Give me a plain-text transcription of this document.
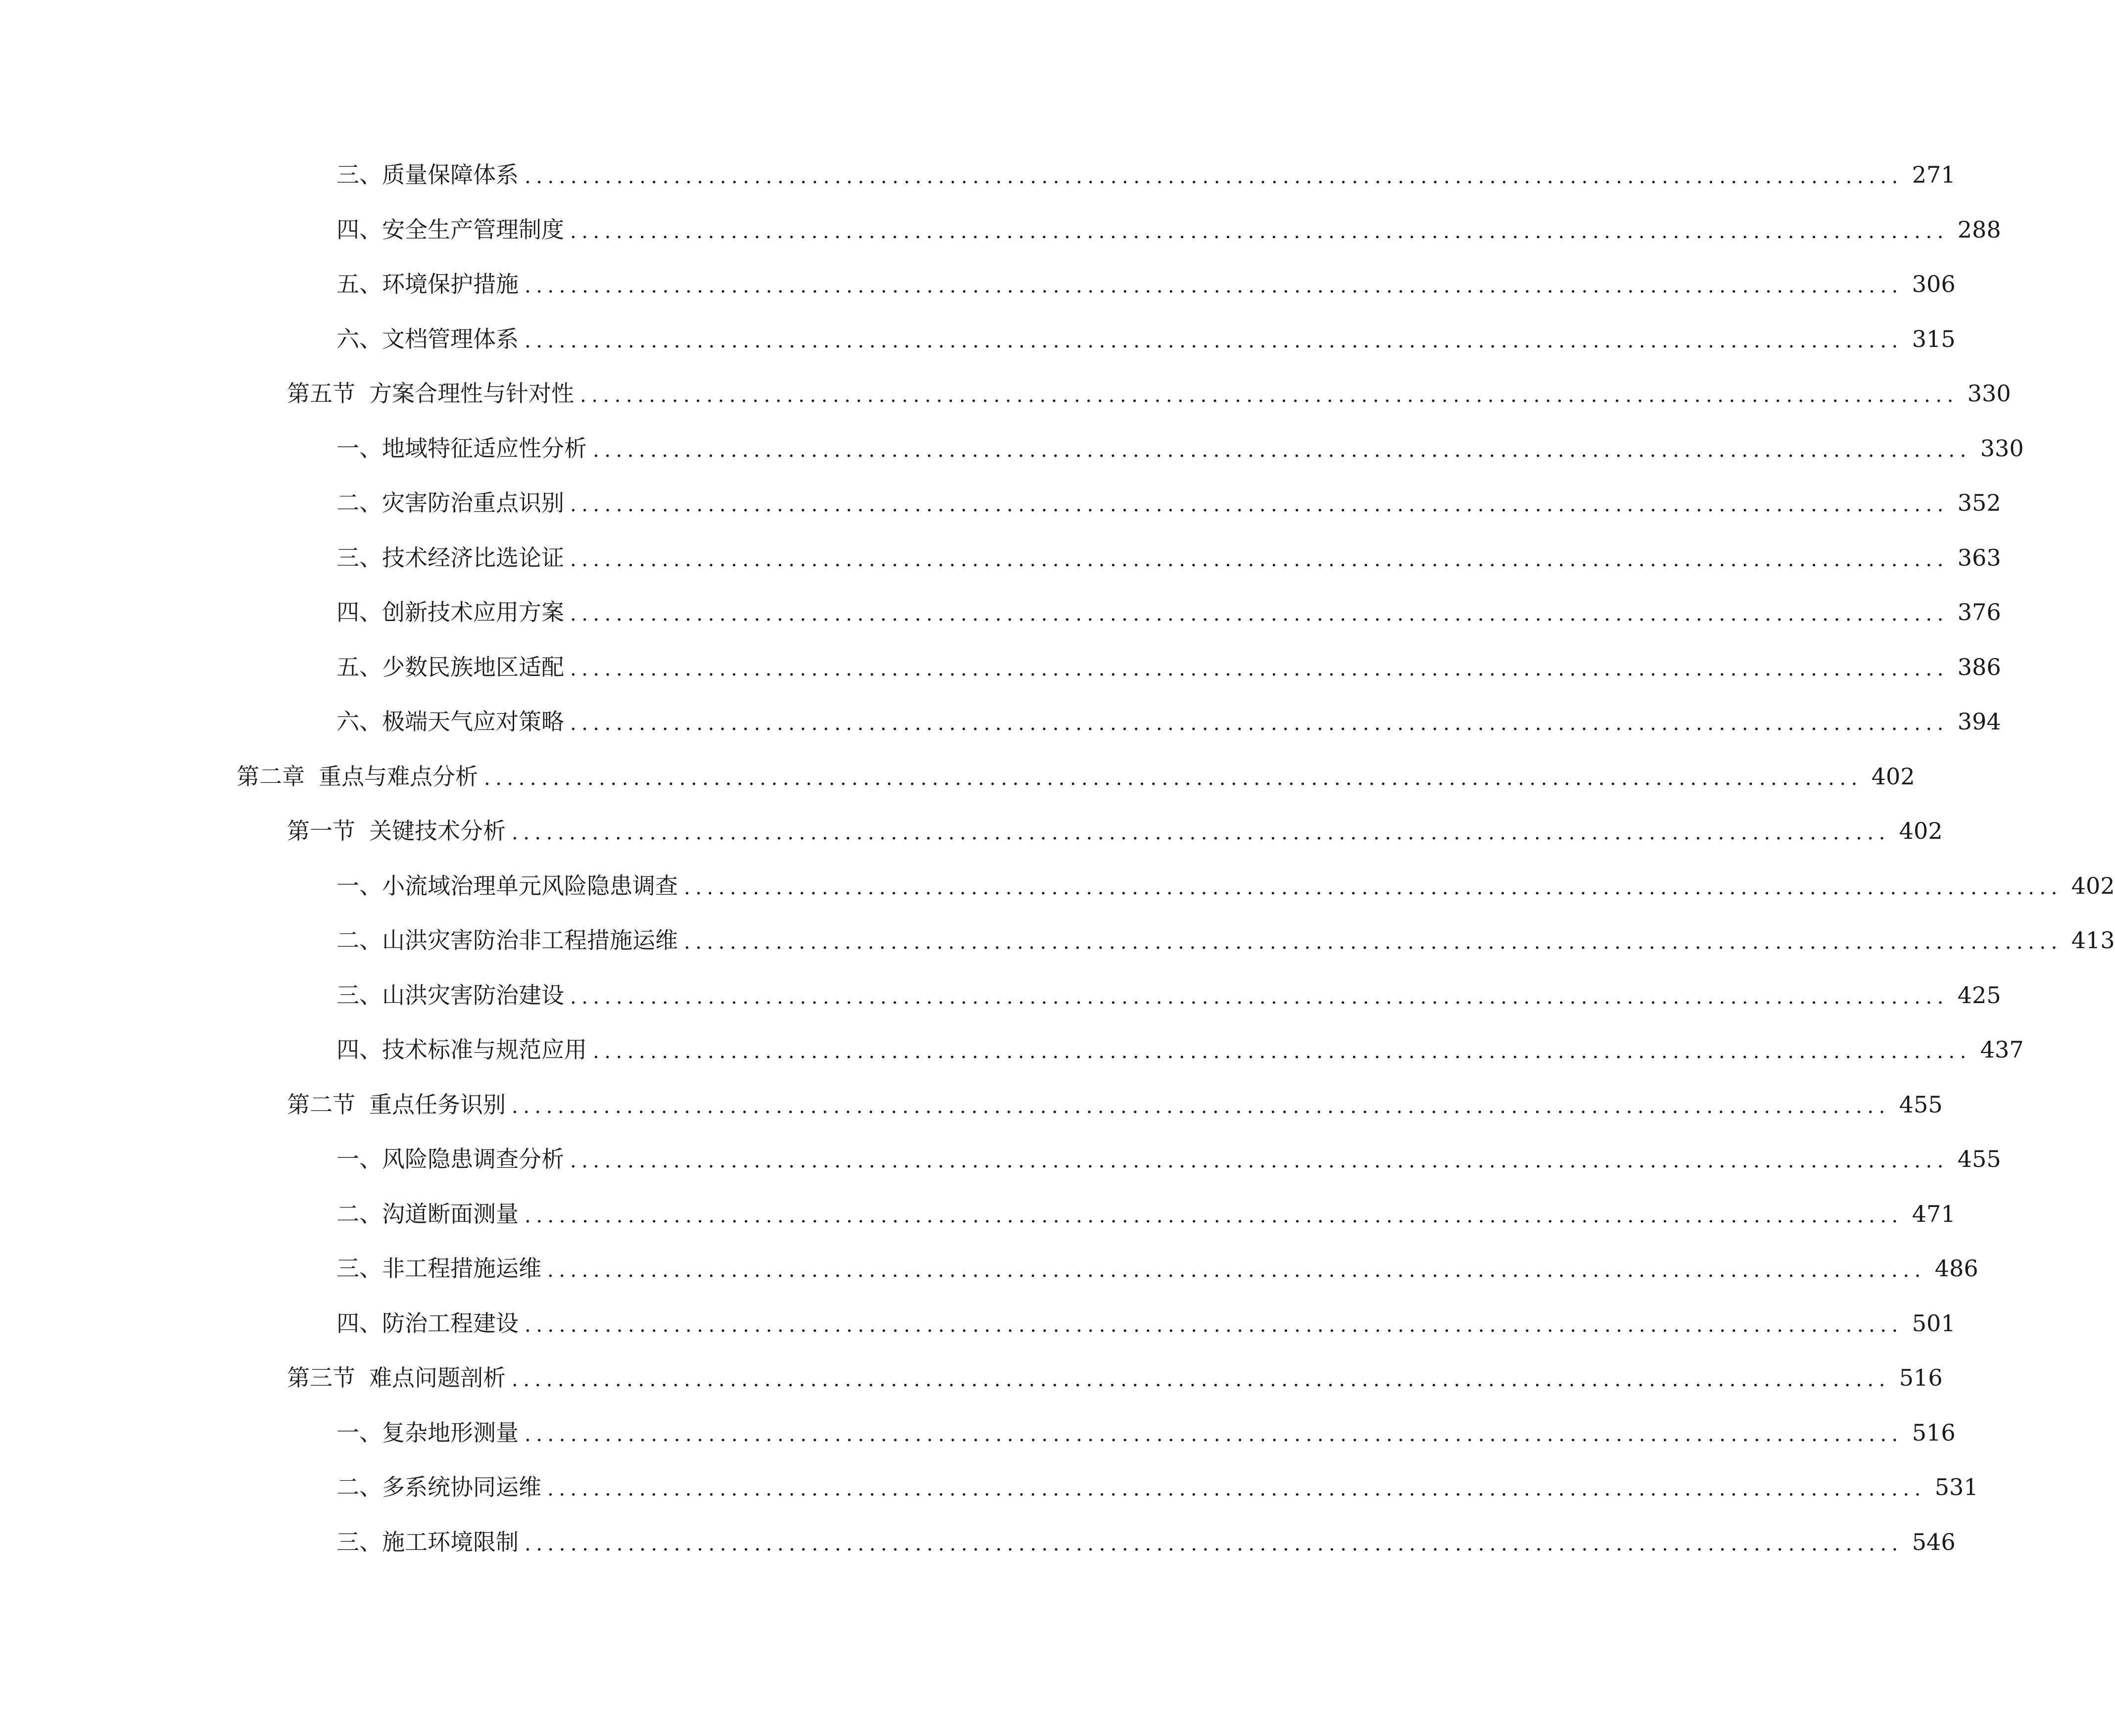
三、 质量保障体系 ........................................................................................................................ 271
四、 安全生产管理制度 ........................................................................................................................ 288
五、 环境保护措施 ........................................................................................................................ 306
六、 文档管理体系 ........................................................................................................................ 315
第五节 方案合理性与针对性 ........................................................................................................................ 330
一、 地域特征适应性分析 ........................................................................................................................ 330
二、 灾害防治重点识别 ........................................................................................................................ 352
三、 技术经济比选论证 ........................................................................................................................ 363
四、 创新技术应用方案 ........................................................................................................................ 376
五、 少数民族地区适配 ........................................................................................................................ 386
六、 极端天气应对策略 ........................................................................................................................ 394
第二章 重点与难点分析 ........................................................................................................................ 402
第一节 关键技术分析 ........................................................................................................................ 402
一、 小流域治理单元风险隐患调查 ........................................................................................................................ 402
二、 山洪灾害防治非工程措施运维 ........................................................................................................................ 413
三、 山洪灾害防治建设 ........................................................................................................................ 425
四、 技术标准与规范应用 ........................................................................................................................ 437
第二节 重点任务识别 ........................................................................................................................ 455
一、 风险隐患调查分析 ........................................................................................................................ 455
二、 沟道断面测量 ........................................................................................................................ 471
三、 非工程措施运维 ........................................................................................................................ 486
四、 防治工程建设 ........................................................................................................................ 501
第三节 难点问题剖析 ........................................................................................................................ 516
一、 复杂地形测量 ........................................................................................................................ 516
二、 多系统协同运维 ........................................................................................................................ 531
三、 施工环境限制 ........................................................................................................................ 546
